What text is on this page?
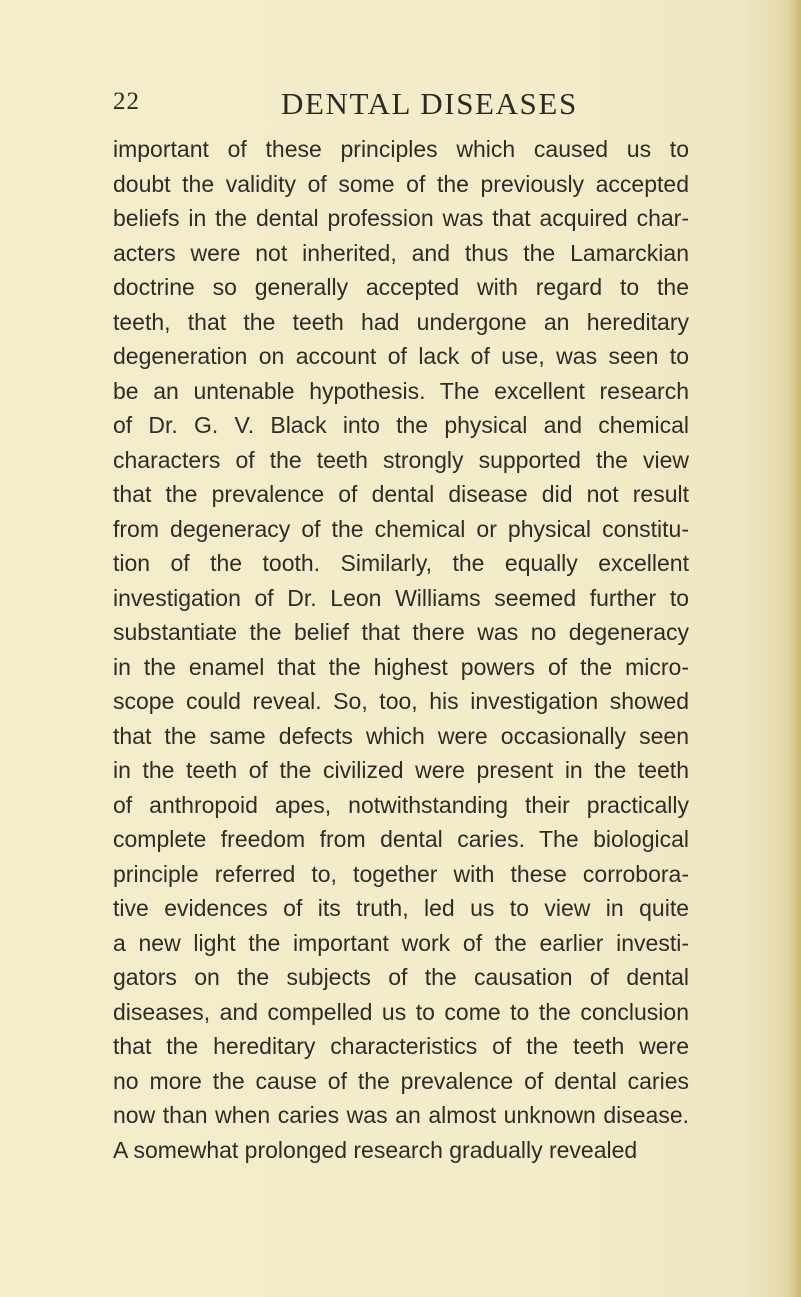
22	DENTAL DISEASES
important of these principles which caused us to
doubt the validity of some of the previously accepted
beliefs in the dental profession was that acquired char-
acters were not inherited, and thus the Lamarckian
doctrine so generally accepted with regard to the
teeth, that the teeth had undergone an hereditary
degeneration on account of lack of use, was seen to
be an untenable hypothesis. The excellent research
of Dr. G. V. Black into the physical and chemical
characters of the teeth strongly supported the view
that the prevalence of dental disease did not result
from degeneracy of the chemical or physical constitu-
tion of the tooth. Similarly, the equally excellent
investigation of Dr. Leon Williams seemed further to
substantiate the belief that there was no degeneracy
in the enamel that the highest powers of the micro-
scope could reveal. So, too, his investigation showed
that the same defects which were occasionally seen
in the teeth of the civilized were present in the teeth
of anthropoid apes, notwithstanding their practically
complete freedom from dental caries. The biological
principle referred to, together with these corrobora-
tive evidences of its truth, led us to view in quite
a new light the important work of the earlier investi-
gators on the subjects of the causation of dental
diseases, and compelled us to come to the conclusion
that the hereditary characteristics of the teeth were
no more the cause of the prevalence of dental caries
now than when caries was an almost unknown disease.
A somewhat prolonged research gradually revealed
